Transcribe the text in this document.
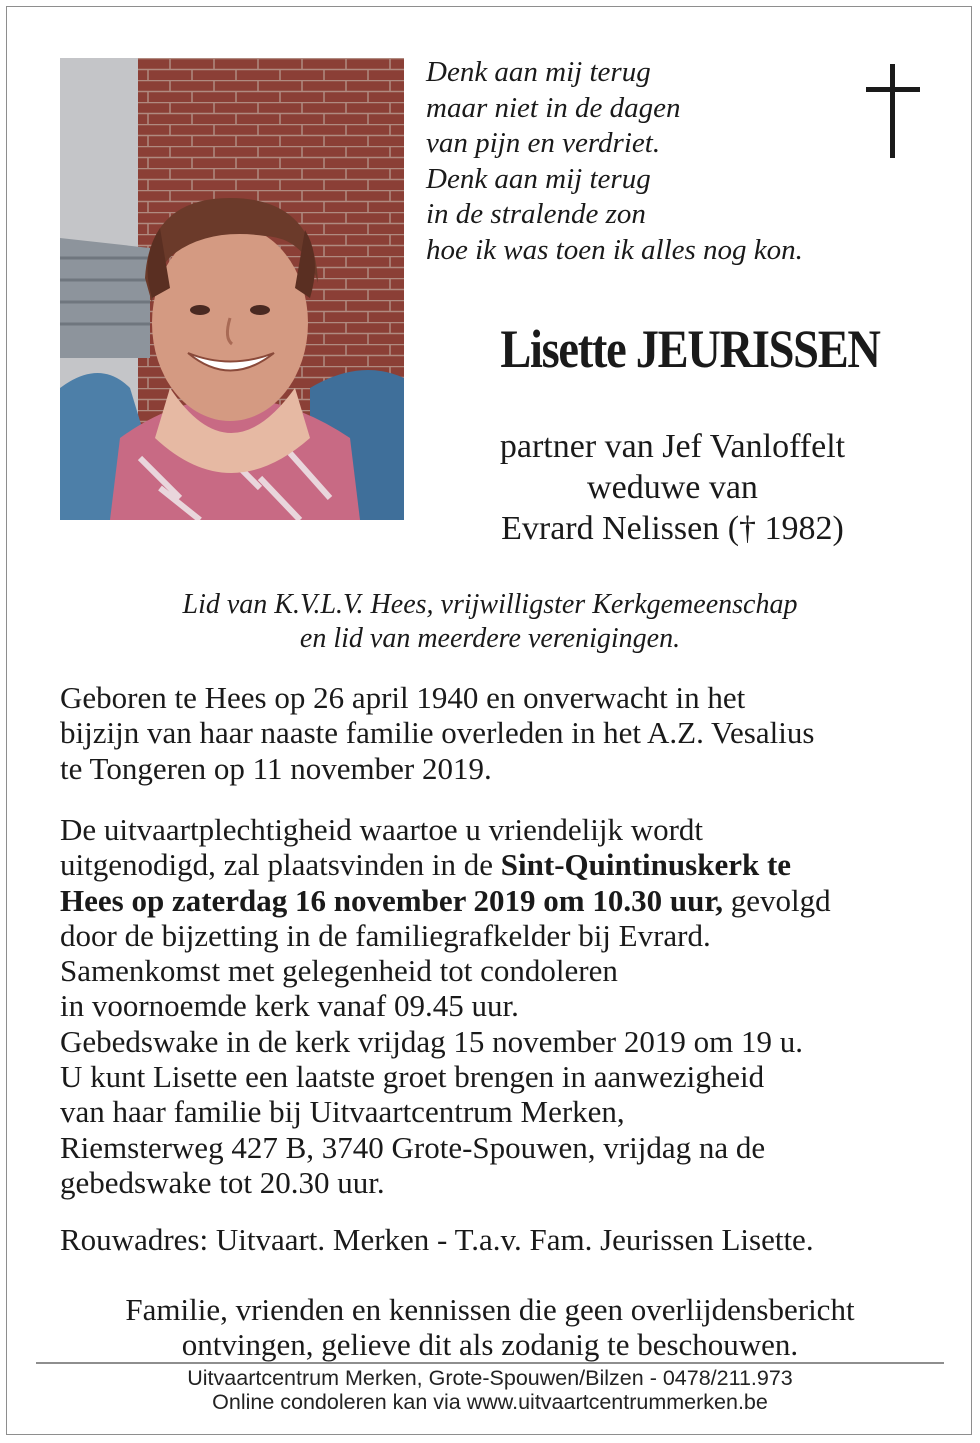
Denk aan mij terug
maar niet in de dagen
van pijn en verdriet.
Denk aan mij terug
in de stralende zon
hoe ik was toen ik alles nog kon.
Lisette JEURISSEN
partner van Jef Vanloffelt
weduwe van
Evrard Nelissen († 1982)
Lid van K.V.L.V. Hees, vrijwilligster Kerkgemeenschap
en lid van meerdere verenigingen.
Geboren te Hees op 26 april 1940 en onverwacht in het
bijzijn van haar naaste familie overleden in het A.Z. Vesalius
te Tongeren op 11 november 2019.
De uitvaartplechtigheid waartoe u vriendelijk wordt
uitgenodigd, zal plaatsvinden in de Sint-Quintinuskerk te
Hees op zaterdag 16 november 2019 om 10.30 uur, gevolgd
door de bijzetting in de familiegrafkelder bij Evrard.
Samenkomst met gelegenheid tot condoleren
in voornoemde kerk vanaf 09.45 uur.
Gebedswake in de kerk vrijdag 15 november 2019 om 19 u.
U kunt Lisette een laatste groet brengen in aanwezigheid
van haar familie bij Uitvaartcentrum Merken,
Riemsterweg 427 B, 3740 Grote-Spouwen, vrijdag na de
gebedswake tot 20.30 uur.
Rouwadres: Uitvaart. Merken - T.a.v. Fam. Jeurissen Lisette.
Familie, vrienden en kennissen die geen overlijdensbericht
ontvingen, gelieve dit als zodanig te beschouwen.
Uitvaartcentrum Merken, Grote-Spouwen/Bilzen - 0478/211.973
Online condoleren kan via www.uitvaartcentrummerken.be
